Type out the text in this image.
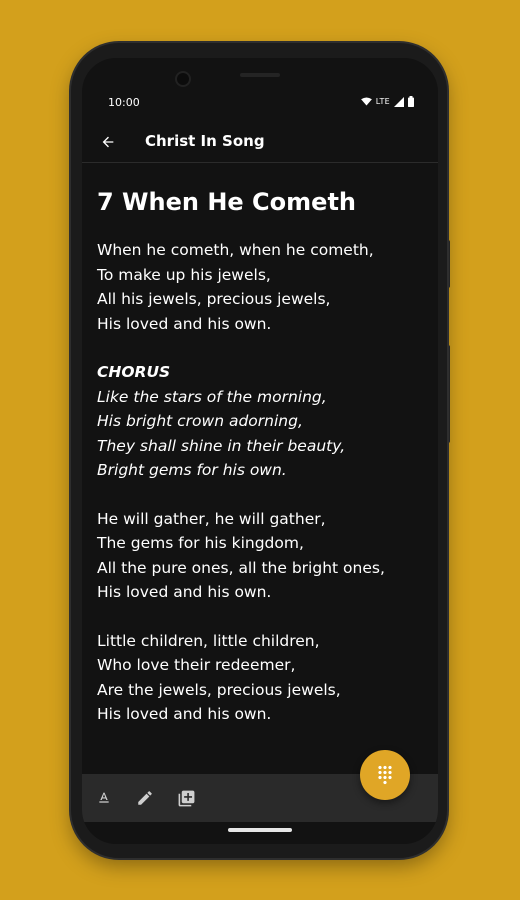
10:00	LTE
Christ In Song
7 When He Cometh
When he cometh, when he cometh,
To make up his jewels,
All his jewels, precious jewels,
His loved and his own.
CHORUS
Like the stars of the morning,
His bright crown adorning,
They shall shine in their beauty,
Bright gems for his own.
He will gather, he will gather,
The gems for his kingdom,
All the pure ones, all the bright ones,
His loved and his own.
Little children, little children,
Who love their redeemer,
Are the jewels, precious jewels,
His loved and his own.
